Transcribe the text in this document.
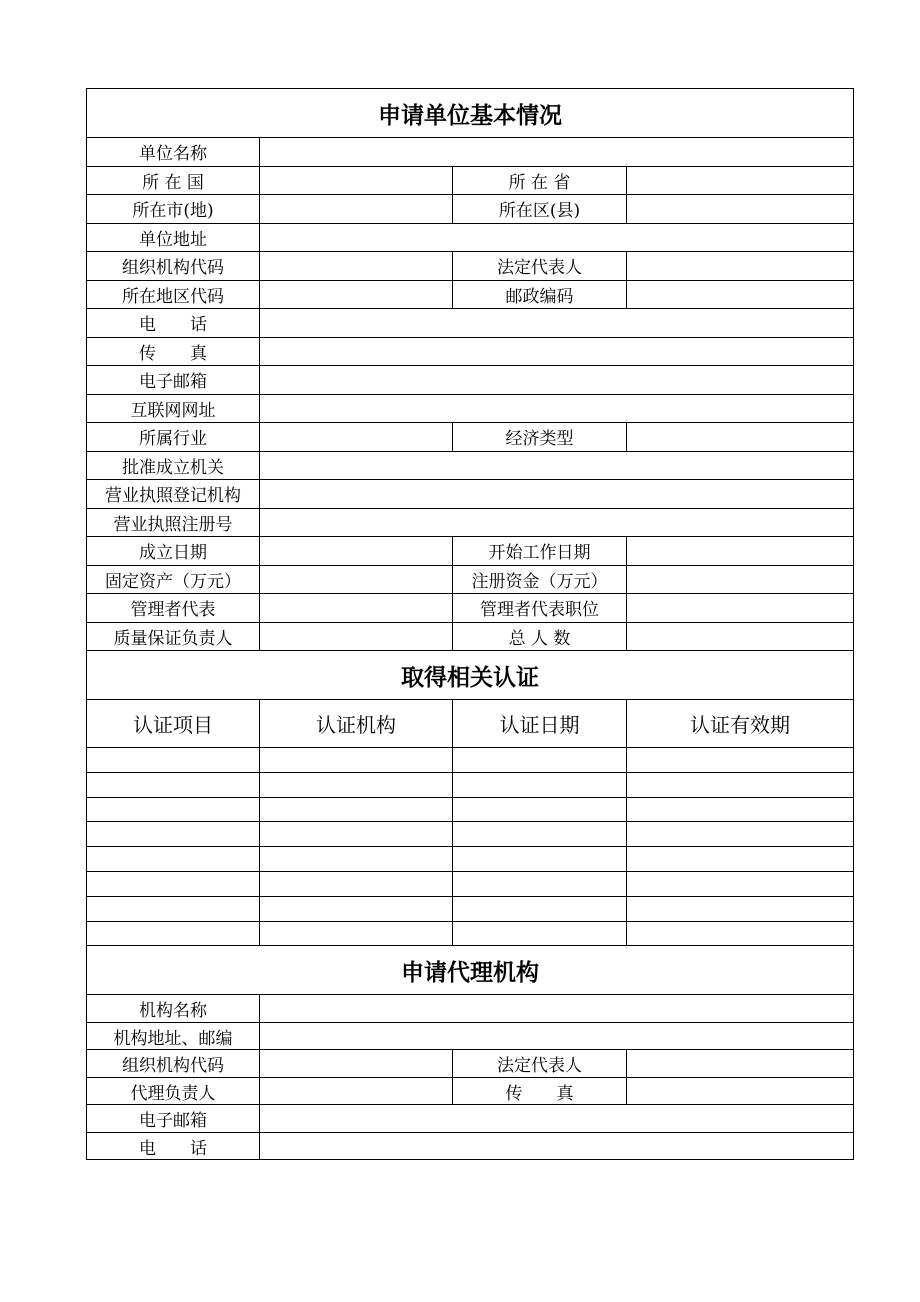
申请单位基本情况			
单位名称			
所 在 国		所 在 省	
所在市(地)		所在区(县)	
单位地址			
组织机构代码		法定代表人	
所在地区代码		邮政编码	
电　　话			
传　　真			
电子邮箱			
互联网网址			
所属行业		经济类型	
批准成立机关			
营业执照登记机构			
营业执照注册号			
成立日期		开始工作日期	
固定资产（万元）		注册资金（万元）	
管理者代表		管理者代表职位	
质量保证负责人		总 人 数	
取得相关认证			
认证项目	认证机构	认证日期	认证有效期

申请代理机构			
机构名称			
机构地址、邮编			
组织机构代码		法定代表人	
代理负责人		传　　真	
电子邮箱			
电　　话			
